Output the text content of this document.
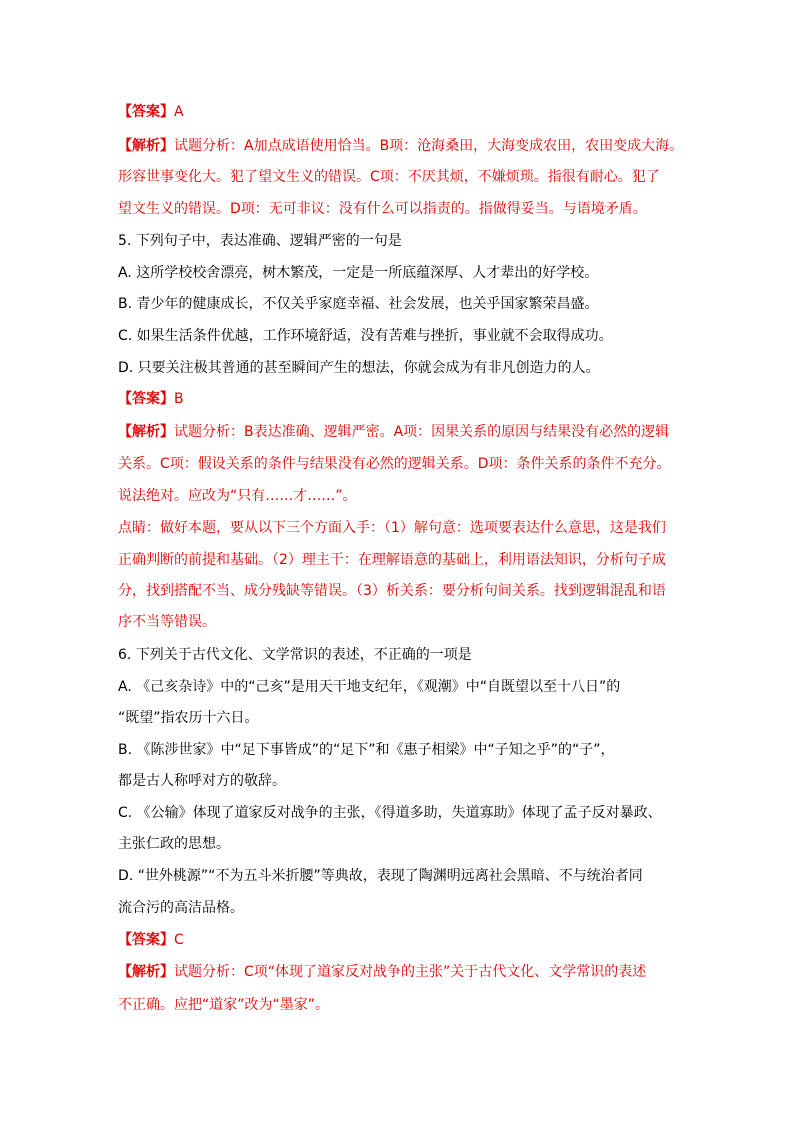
【答案】A
【解析】试题分析：A加点成语使用恰当。B项：沧海桑田，大海变成农田，农田变成大海。
形容世事变化大。犯了望文生义的错误。C项：不厌其烦，不嫌烦琐。指很有耐心。犯了
望文生义的错误。D项：无可非议：没有什么可以指责的。指做得妥当。与语境矛盾。
5. 下列句子中，表达准确、逻辑严密的一句是
A. 这所学校校舍漂亮，树木繁茂，一定是一所底蕴深厚、人才辈出的好学校。
B. 青少年的健康成长，不仅关乎家庭幸福、社会发展，也关乎国家繁荣昌盛。
C. 如果生活条件优越，工作环境舒适，没有苦难与挫折，事业就不会取得成功。
D. 只要关注极其普通的甚至瞬间产生的想法，你就会成为有非凡创造力的人。
【答案】B
【解析】试题分析：B表达准确、逻辑严密。A项：因果关系的原因与结果没有必然的逻辑
关系。C项：假设关系的条件与结果没有必然的逻辑关系。D项：条件关系的条件不充分。
说法绝对。应改为“只有……才……”。
点睛：做好本题，要从以下三个方面入手：（1）解句意：选项要表达什么意思，这是我们
正确判断的前提和基础。（2）理主干：在理解语意的基础上，利用语法知识，分析句子成
分，找到搭配不当、成分残缺等错误。（3）析关系：要分析句间关系。找到逻辑混乱和语
序不当等错误。
6. 下列关于古代文化、文学常识的表述，不正确的一项是
A. 《己亥杂诗》中的“己亥”是用天干地支纪年，《观潮》中“自既望以至十八日”的
“既望”指农历十六日。
B. 《陈涉世家》中“足下事皆成”的“足下”和《惠子相梁》中“子知之乎”的“子”，
都是古人称呼对方的敬辞。
C. 《公输》体现了道家反对战争的主张，《得道多助，失道寡助》体现了孟子反对暴政、
主张仁政的思想。
D. “世外桃源”“不为五斗米折腰”等典故，表现了陶渊明远离社会黑暗、不与统治者同
流合污的高洁品格。
【答案】C
【解析】试题分析：C项“体现了道家反对战争的主张”关于古代文化、文学常识的表述
不正确。应把“道家”改为“墨家”。
